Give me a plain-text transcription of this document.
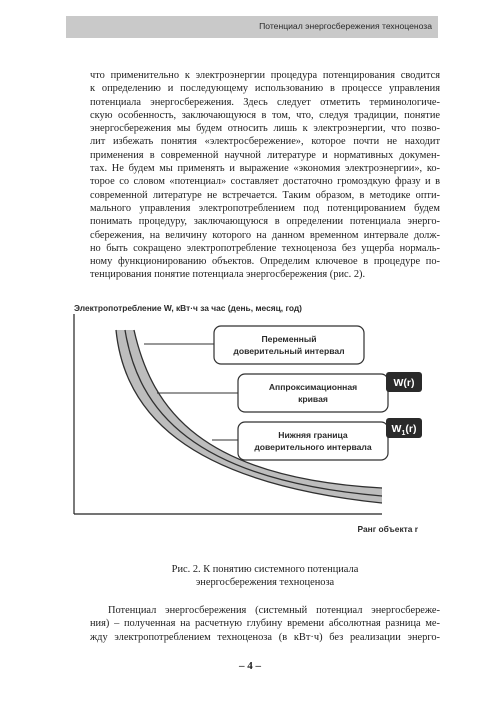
Потенциал энергосбережения техноценоза
что применительно к электроэнергии процедура потенцирования сводится
к определению и последующему использованию в процессе управления
потенциала энергосбережения. Здесь следует отметить терминологиче-
скую особенность, заключающуюся в том, что, следуя традиции, понятие
энергосбережения мы будем относить лишь к электроэнергии, что позво-
лит избежать понятия «электросбережение», которое почти не находит
применения в современной научной литературе и нормативных докумен-
тах. Не будем мы применять и выражение «экономия электроэнергии», ко-
торое со словом «потенциал» составляет достаточно громоздкую фразу и в
современной литературе не встречается. Таким образом, в методике опти-
мального управления электропотреблением под потенцированием будем
понимать процедуру, заключающуюся в определении потенциала энерго-
сбережения, на величину которого на данном временном интервале долж-
но быть сокращено электропотребление техноценоза без ущерба нормаль-
ному функционированию объектов. Определим ключевое в процедуре по-
тенцирования понятие потенциала энергосбережения (рис. 2).
Электропотребление W, кВт·ч за час (день, месяц, год)
Ранг объекта r
Переменный
доверительный интервал
Аппроксимационная
кривая
W(r)
Нижняя граница
доверительного интервала
$W_1(r)$
Рис. 2. К понятию системного потенциала
энергосбережения техноценоза
Потенциал энергосбережения (системный потенциал энергосбереже-
ния) – полученная на расчетную глубину времени абсолютная разница ме-
жду электропотреблением техноценоза (в кВт·ч) без реализации энерго-
– 4 –
